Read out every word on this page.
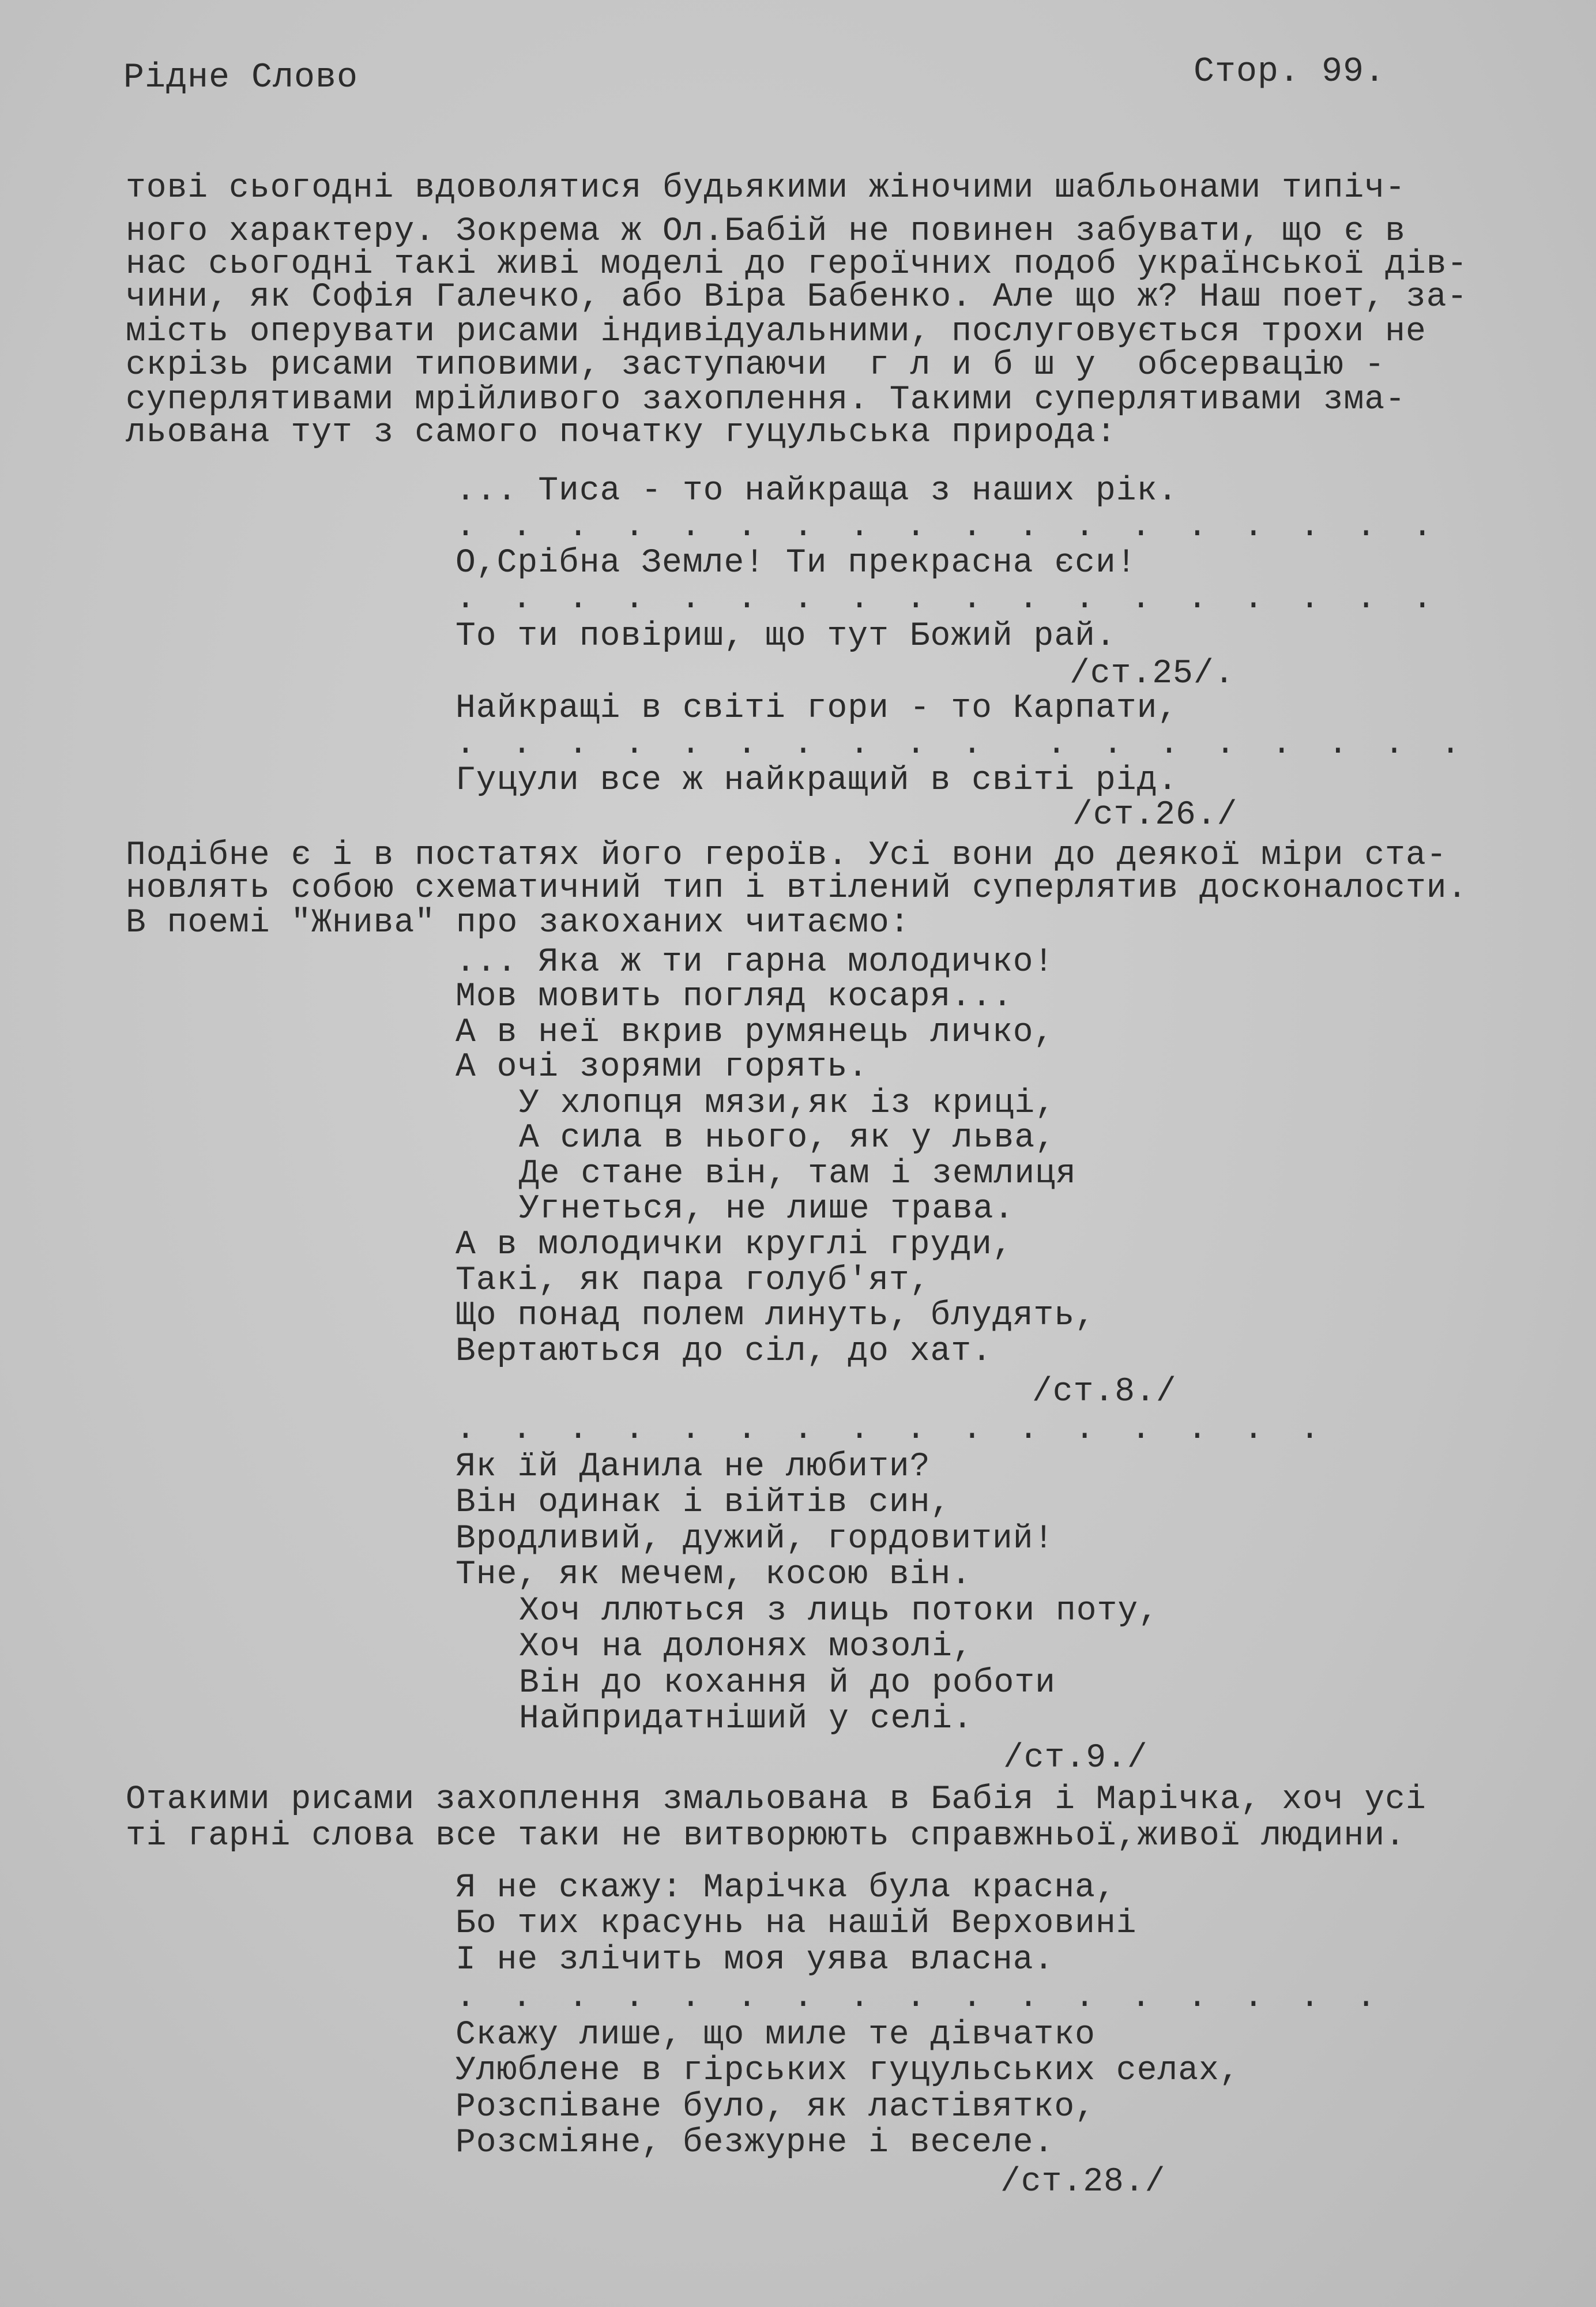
Рідне Слово	Стор. 99.
тові сьогодні вдоволятися будьякими жіночими шабльонами типіч-
ного характеру. Зокрема ж Ол.Бабій не повинен забувати, що є в
нас сьогодні такі живі моделі до героїчних подоб української дів-
чини, як Софія Галечко, або Віра Бабенко. Але що ж? Наш поет, за-
мість оперувати рисами індивідуальними, послуговується трохи не
скрізь рисами типовими, заступаючи  г л и б ш у  обсервацію -
суперлятивами мрійливого захоплення. Такими суперлятивами зма-
льована тут з самого початку гуцульська природа:
... Тиса - то найкраща з наших рік.
. . . . . . . . . . . . . . . . . .
О,Срібна Земле! Ти прекрасна єси!
. . . . . . . . . . . . . . . . . .
То ти повіриш, що тут Божий рай.
/ст.25/.
Найкращі в світі гори - то Карпати,
. . . . . . . . . .  . . . . . . . .
Гуцули все ж найкращий в світі рід.
/ст.26./
Подібне є і в постатях його героїв. Усі вони до деякої міри ста-
новлять собою схематичний тип і втілений суперлятив досконалости.
В поемі "Жнива" про закоханих читаємо:
... Яка ж ти гарна молодичко!
Мов мовить погляд косаря...
А в неї вкрив румянець личко,
А очі зорями горять.
У хлопця мязи,як із криці,
А сила в нього, як у льва,
Де стане він, там і землиця
Угнеться, не лише трава.
А в молодички круглі груди,
Такі, як пара голуб'ят,
Що понад полем линуть, блудять,
Вертаються до сіл, до хат.
/ст.8./
. . . . . . . . . . . . . . . .
Як їй Данила не любити?
Він одинак і війтів син,
Вродливий, дужий, гордовитий!
Тне, як мечем, косою він.
Хоч ллються з лиць потоки поту,
Хоч на долонях мозолі,
Він до кохання й до роботи
Найпридатніший у селі.
/ст.9./
Отакими рисами захоплення змальована в Бабія і Марічка, хоч усі
ті гарні слова все таки не витворюють справжньої,живої людини.
Я не скажу: Марічка була красна,
Бо тих красунь на нашій Верховині
І не злічить моя уява власна.
. . . . . . . . . . . . . . . . .
Скажу лише, що миле те дівчатко
Улюблене в гірських гуцульських селах,
Розспіване було, як ластівятко,
Розсміяне, безжурне і веселе.
/ст.28./
